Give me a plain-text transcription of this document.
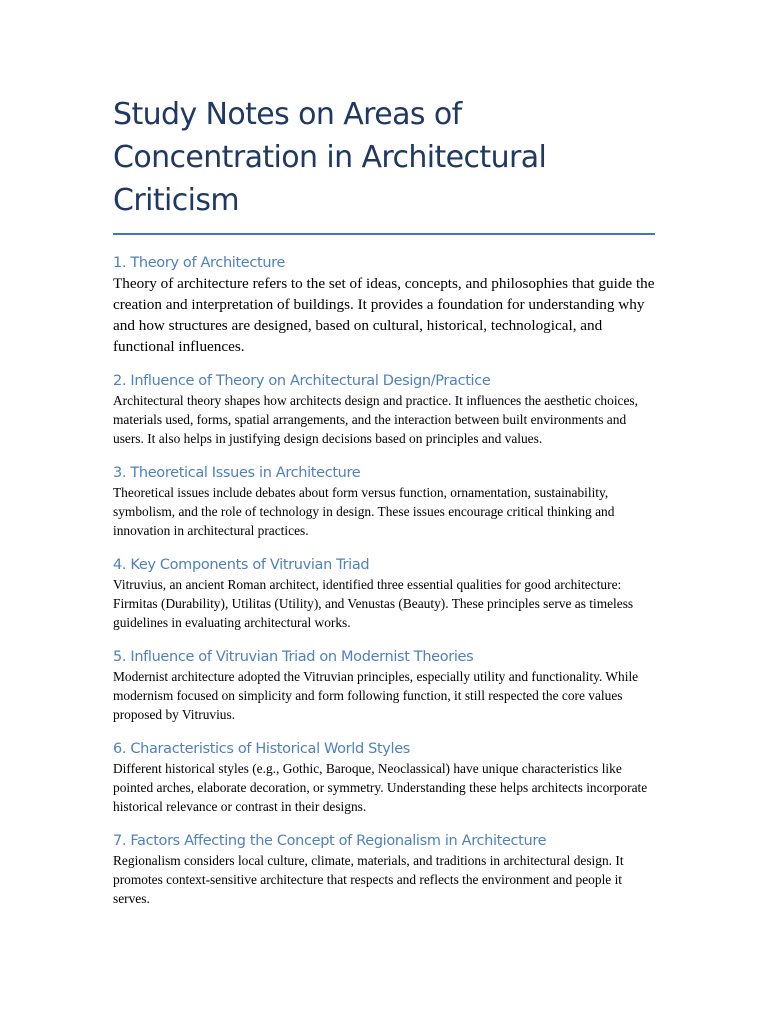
Study Notes on Areas of Concentration in Architectural Criticism
1. Theory of Architecture

Theory of architecture refers to the set of ideas, concepts, and philosophies that guide the creation and interpretation of buildings. It provides a foundation for understanding why and how structures are designed, based on cultural, historical, technological, and functional influences.

2. Influence of Theory on Architectural Design/Practice

Architectural theory shapes how architects design and practice. It influences the aesthetic choices, materials used, forms, spatial arrangements, and the interaction between built environments and users. It also helps in justifying design decisions based on principles and values.

3. Theoretical Issues in Architecture

Theoretical issues include debates about form versus function, ornamentation, sustainability, symbolism, and the role of technology in design. These issues encourage critical thinking and innovation in architectural practices.

4. Key Components of Vitruvian Triad

Vitruvius, an ancient Roman architect, identified three essential qualities for good architecture: Firmitas (Durability), Utilitas (Utility), and Venustas (Beauty). These principles serve as timeless guidelines in evaluating architectural works.

5. Influence of Vitruvian Triad on Modernist Theories

Modernist architecture adopted the Vitruvian principles, especially utility and functionality. While modernism focused on simplicity and form following function, it still respected the core values proposed by Vitruvius.

6. Characteristics of Historical World Styles

Different historical styles (e.g., Gothic, Baroque, Neoclassical) have unique characteristics like pointed arches, elaborate decoration, or symmetry. Understanding these helps architects incorporate historical relevance or contrast in their designs.

7. Factors Affecting the Concept of Regionalism in Architecture

Regionalism considers local culture, climate, materials, and traditions in architectural design. It promotes context-sensitive architecture that respects and reflects the environment and people it serves.
